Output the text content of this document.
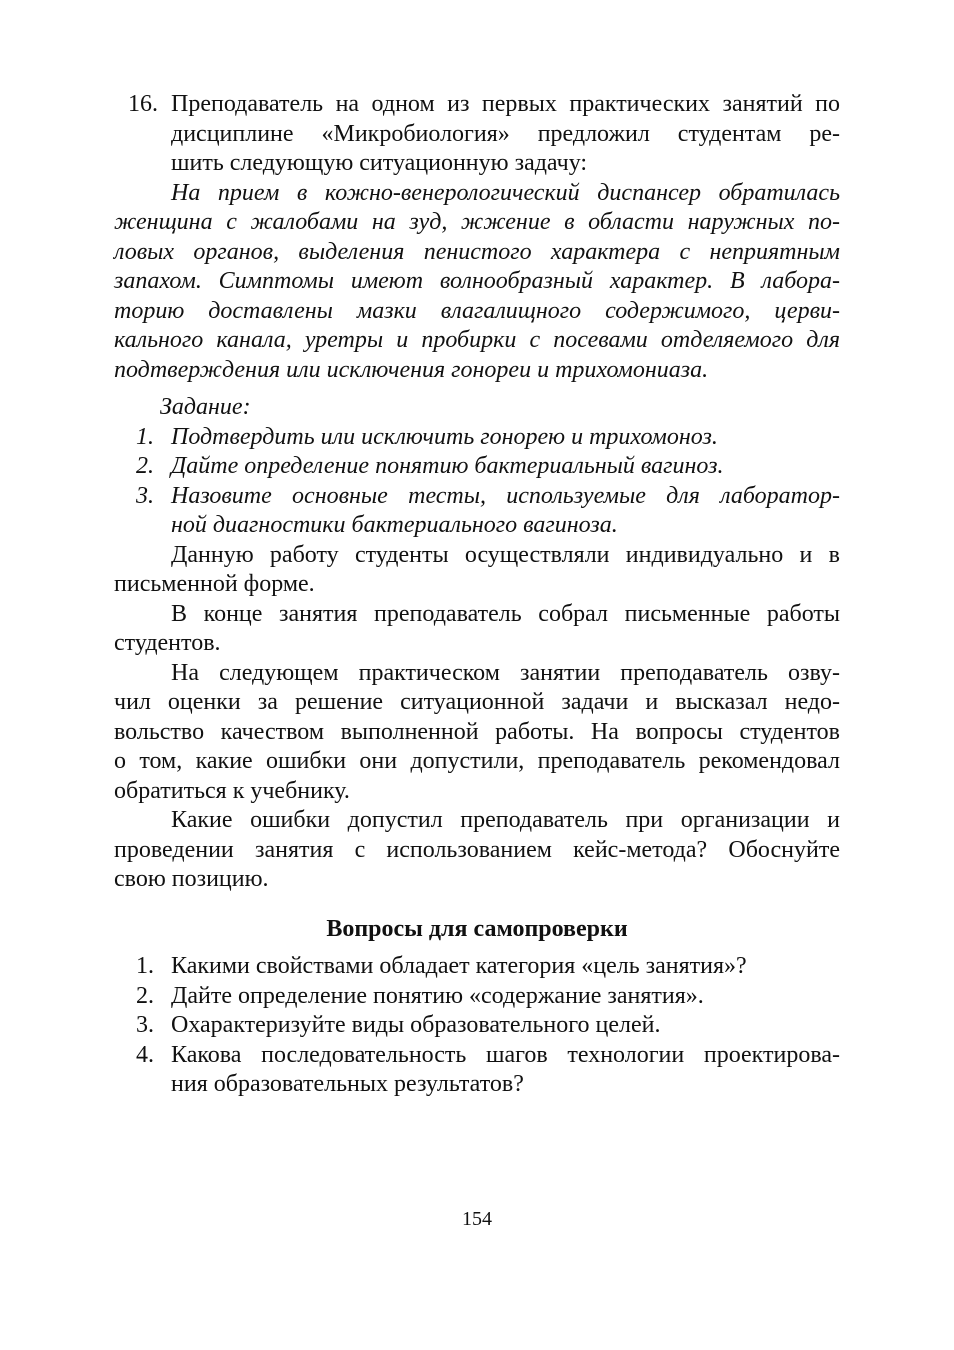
16. Преподаватель на одном из первых практических занятий по
дисциплине «Микробиология» предложил студентам ре-
шить следующую ситуационную задачу:
На прием в кожно-венерологический диспансер обратилась
женщина с жалобами на зуд, жжение в области наружных по-
ловых органов, выделения пенистого характера с неприятным
запахом. Симптомы имеют волнообразный характер. В лабора-
торию доставлены мазки влагалищного содержимого, церви-
кального канала, уретры и пробирки с посевами отделяемого для
подтверждения или исключения гонореи и трихомониаза.
Задание:
1. Подтвердить или исключить гонорею и трихомоноз.
2. Дайте определение понятию бактериальный вагиноз.
3. Назовите основные тесты, используемые для лаборатор-
ной диагностики бактериального вагиноза.
Данную работу студенты осуществляли индивидуально и в
письменной форме.
В конце занятия преподаватель собрал письменные работы
студентов.
На следующем практическом занятии преподаватель озву-
чил оценки за решение ситуационной задачи и высказал недо-
вольство качеством выполненной работы. На вопросы студентов
о том, какие ошибки они допустили, преподаватель рекомендовал
обратиться к учебнику.
Какие ошибки допустил преподаватель при организации и
проведении занятия с использованием кейс-метода? Обоснуйте
свою позицию.
Вопросы для самопроверки
1. Какими свойствами обладает категория «цель занятия»?
2. Дайте определение понятию «содержание занятия».
3. Охарактеризуйте виды образовательного целей.
4. Какова последовательность шагов технологии проектирова-
ния образовательных результатов?
154
